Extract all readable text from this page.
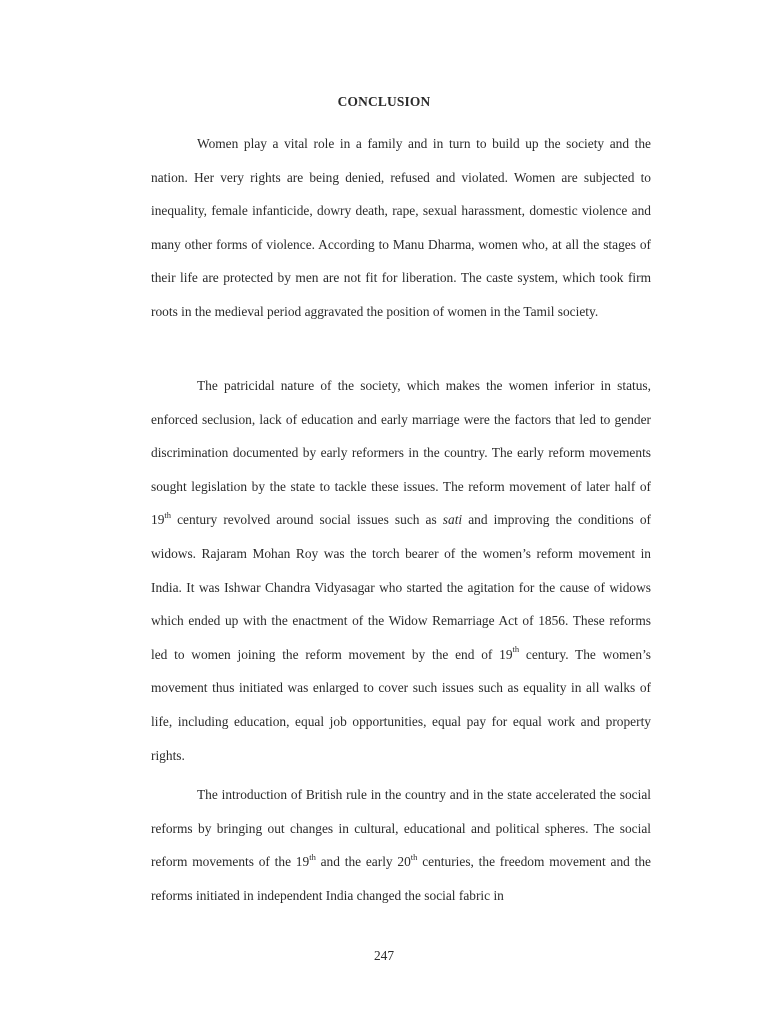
CONCLUSION

Women play a vital role in a family and in turn to build up the society and the nation. Her very rights are being denied, refused and violated. Women are subjected to inequality, female infanticide, dowry death, rape, sexual harassment, domestic violence and many other forms of violence. According to Manu Dharma, women who, at all the stages of their life are protected by men are not fit for liberation. The caste system, which took firm roots in the medieval period aggravated the position of women in the Tamil society.

The patricidal nature of the society, which makes the women inferior in status, enforced seclusion, lack of education and early marriage were the factors that led to gender discrimination documented by early reformers in the country. The early reform movements sought legislation by the state to tackle these issues. The reform movement of later half of 19th century revolved around social issues such as sati and improving the conditions of widows. Rajaram Mohan Roy was the torch bearer of the women’s reform movement in India. It was Ishwar Chandra Vidyasagar who started the agitation for the cause of widows which ended up with the enactment of the Widow Remarriage Act of 1856. These reforms led to women joining the reform movement by the end of 19th century. The women’s movement thus initiated was enlarged to cover such issues such as equality in all walks of life, including education, equal job opportunities, equal pay for equal work and property rights.

The introduction of British rule in the country and in the state accelerated the social reforms by bringing out changes in cultural, educational and political spheres. The social reform movements of the 19th and the early 20th centuries, the freedom movement and the reforms initiated in independent India changed the social fabric in

247
